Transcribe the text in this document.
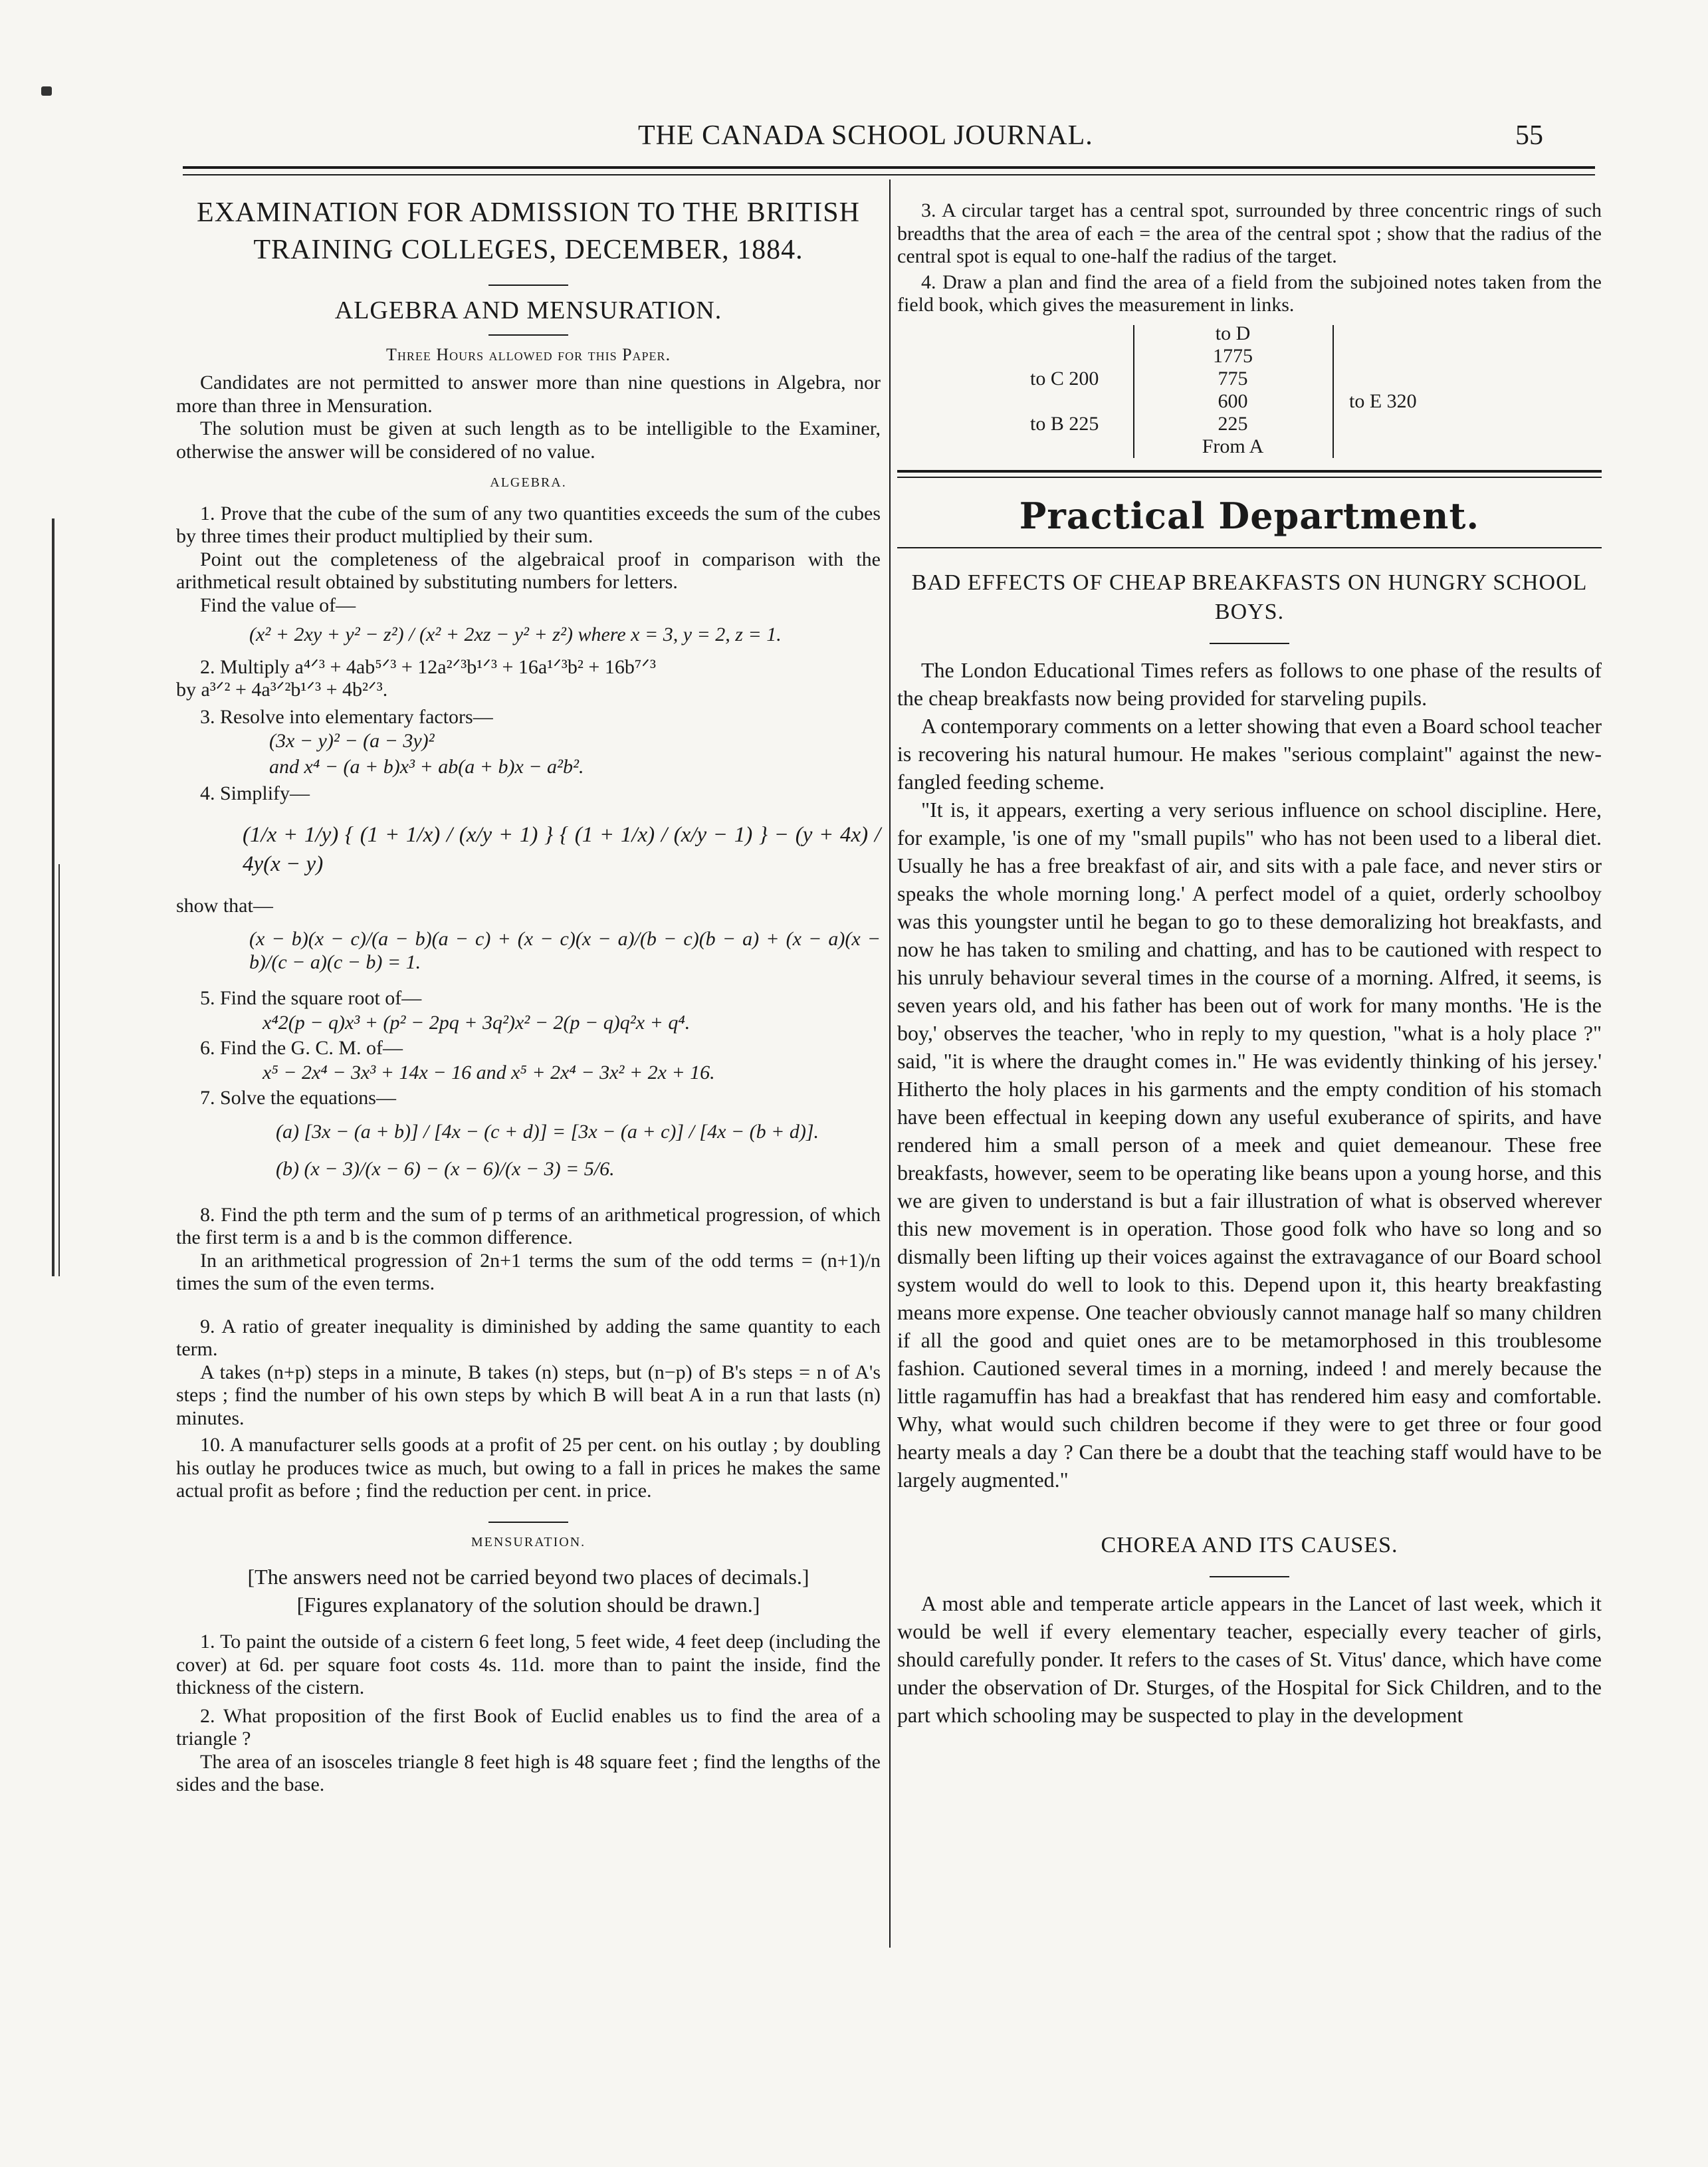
THE CANADA SCHOOL JOURNAL.	55
EXAMINATION FOR ADMISSION TO THE BRITISH TRAINING COLLEGES, DECEMBER, 1884.
ALGEBRA AND MENSURATION.
Three Hours allowed for this Paper.

Candidates are not permitted to answer more than nine questions in Algebra, nor more than three in Mensuration.

The solution must be given at such length as to be intelligible to the Examiner, otherwise the answer will be considered of no value.

ALGEBRA.

1. Prove that the cube of the sum of any two quantities exceeds the sum of the cubes by three times their product multiplied by their sum.

Point out the completeness of the algebraical proof in comparison with the arithmetical result obtained by substituting numbers for letters.

Find the value of—

(x² + 2xy + y² − z²) / (x² + 2xz − y² + z²) where x = 3, y = 2, z = 1.

2. Multiply a⁴ᐟ³ + 4ab⁵ᐟ³ + 12a²ᐟ³b¹ᐟ³ + 16a¹ᐟ³b² + 16b⁷ᐟ³

by a³ᐟ² + 4a³ᐟ²b¹ᐟ³ + 4b²ᐟ³.

3. Resolve into elementary factors—

(3x − y)² − (a − 3y)²

and x⁴ − (a + b)x³ + ab(a + b)x − a²b².

4. Simplify—

(1/x + 1/y) { (1 + 1/x) / (x/y + 1) } { (1 + 1/x) / (x/y − 1) } − (y + 4x) / 4y(x − y)

show that—

(x − b)(x − c)/(a − b)(a − c) + (x − c)(x − a)/(b − c)(b − a) + (x − a)(x − b)/(c − a)(c − b) = 1.

5. Find the square root of—

x⁴2(p − q)x³ + (p² − 2pq + 3q²)x² − 2(p − q)q²x + q⁴.

6. Find the G. C. M. of—

x⁵ − 2x⁴ − 3x³ + 14x − 16 and x⁵ + 2x⁴ − 3x² + 2x + 16.

7. Solve the equations—

(a) [3x − (a + b)] / [4x − (c + d)] = [3x − (a + c)] / [4x − (b + d)].

(b) (x − 3)/(x − 6) − (x − 6)/(x − 3) = 5/6.

8. Find the pth term and the sum of p terms of an arithmetical progression, of which the first term is a and b is the common difference.

In an arithmetical progression of 2n+1 terms the sum of the odd terms = (n+1)/n times the sum of the even terms.

9. A ratio of greater inequality is diminished by adding the same quantity to each term.

A takes (n+p) steps in a minute, B takes (n) steps, but (n−p) of B's steps = n of A's steps ; find the number of his own steps by which B will beat A in a run that lasts (n) minutes.

10. A manufacturer sells goods at a profit of 25 per cent. on his outlay ; by doubling his outlay he produces twice as much, but owing to a fall in prices he makes the same actual profit as before ; find the reduction per cent. in price.

MENSURATION.

[The answers need not be carried beyond two places of decimals.]

[Figures explanatory of the solution should be drawn.]

1. To paint the outside of a cistern 6 feet long, 5 feet wide, 4 feet deep (including the cover) at 6d. per square foot costs 4s. 11d. more than to paint the inside, find the thickness of the cistern.

2. What proposition of the first Book of Euclid enables us to find the area of a triangle ?

The area of an isosceles triangle 8 feet high is 48 square feet ; find the lengths of the sides and the base.

3. A circular target has a central spot, surrounded by three concentric rings of such breadths that the area of each = the area of the central spot ; show that the radius of the central spot is equal to one-half the radius of the target.

4. Draw a plan and find the area of a field from the subjoined notes taken from the field book, which gives the measurement in links.

to D
1775
775
600
225
From A
to C 200
to B 225
to E 320
Practical Department.
BAD EFFECTS OF CHEAP BREAKFASTS ON HUNGRY SCHOOL BOYS.

The London Educational Times refers as follows to one phase of the results of the cheap breakfasts now being provided for starveling pupils.

A contemporary comments on a letter showing that even a Board school teacher is recovering his natural humour. He makes "serious complaint" against the new-fangled feeding scheme.

"It is, it appears, exerting a very serious influence on school discipline. Here, for example, 'is one of my "small pupils" who has not been used to a liberal diet. Usually he has a free breakfast of air, and sits with a pale face, and never stirs or speaks the whole morning long.' A perfect model of a quiet, orderly schoolboy was this youngster until he began to go to these demoralizing hot breakfasts, and now he has taken to smiling and chatting, and has to be cautioned with respect to his unruly behaviour several times in the course of a morning. Alfred, it seems, is seven years old, and his father has been out of work for many months. 'He is the boy,' observes the teacher, 'who in reply to my question, "what is a holy place ?" said, "it is where the draught comes in." He was evidently thinking of his jersey.' Hitherto the holy places in his garments and the empty condition of his stomach have been effectual in keeping down any useful exuberance of spirits, and have rendered him a small person of a meek and quiet demeanour. These free breakfasts, however, seem to be operating like beans upon a young horse, and this we are given to understand is but a fair illustration of what is observed wherever this new movement is in operation. Those good folk who have so long and so dismally been lifting up their voices against the extravagance of our Board school system would do well to look to this. Depend upon it, this hearty breakfasting means more expense. One teacher obviously cannot manage half so many children if all the good and quiet ones are to be metamorphosed in this troublesome fashion. Cautioned several times in a morning, indeed ! and merely because the little ragamuffin has had a breakfast that has rendered him easy and comfortable. Why, what would such children become if they were to get three or four good hearty meals a day ? Can there be a doubt that the teaching staff would have to be largely augmented."

CHOREA AND ITS CAUSES.

A most able and temperate article appears in the Lancet of last week, which it would be well if every elementary teacher, especially every teacher of girls, should carefully ponder. It refers to the cases of St. Vitus' dance, which have come under the observation of Dr. Sturges, of the Hospital for Sick Children, and to the part which schooling may be suspected to play in the development
